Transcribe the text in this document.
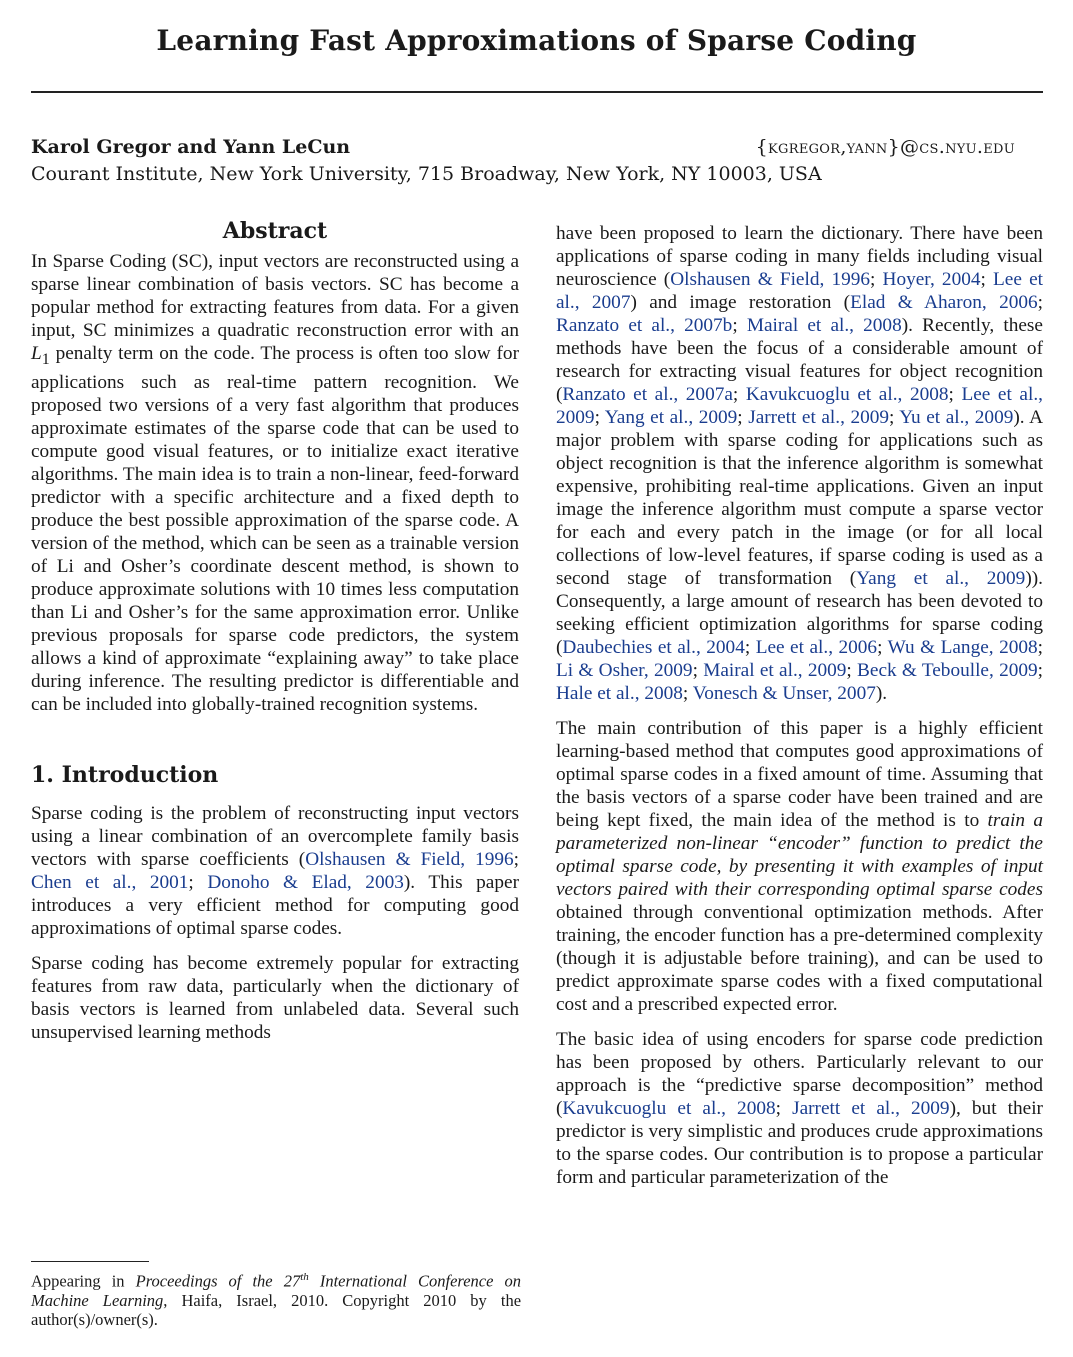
Learning Fast Approximations of Sparse Coding
Karol Gregor and Yann LeCun	{kgregor,yann}@cs.nyu.edu
Courant Institute, New York University, 715 Broadway, New York, NY 10003, USA
Abstract

In Sparse Coding (SC), input vectors are reconstructed using a sparse linear combination of basis vectors. SC has become a popular method for extracting features from data. For a given input, SC minimizes a quadratic reconstruction error with an $L_1$ penalty term on the code. The process is often too slow for applications such as real-time pattern recognition. We proposed two versions of a very fast algorithm that produces approximate estimates of the sparse code that can be used to compute good visual features, or to initialize exact iterative algorithms. The main idea is to train a non-linear, feed-forward predictor with a specific architecture and a fixed depth to produce the best possible approximation of the sparse code. A version of the method, which can be seen as a trainable version of Li and Osher’s coordinate descent method, is shown to produce approximate solutions with 10 times less computation than Li and Osher’s for the same approximation error. Unlike previous proposals for sparse code predictors, the system allows a kind of approximate “explaining away” to take place during inference. The resulting predictor is differentiable and can be included into globally-trained recognition systems.

1. Introduction

Sparse coding is the problem of reconstructing input vectors using a linear combination of an overcomplete family basis vectors with sparse coefficients (Olshausen & Field, 1996; Chen et al., 2001; Donoho & Elad, 2003). This paper introduces a very efficient method for computing good approximations of optimal sparse codes.

Sparse coding has become extremely popular for extracting features from raw data, particularly when the dictionary of basis vectors is learned from unlabeled data. Several such unsupervised learning methods

have been proposed to learn the dictionary. There have been applications of sparse coding in many fields including visual neuroscience (Olshausen & Field, 1996; Hoyer, 2004; Lee et al., 2007) and image restoration (Elad & Aharon, 2006; Ranzato et al., 2007b; Mairal et al., 2008). Recently, these methods have been the focus of a considerable amount of research for extracting visual features for object recognition (Ranzato et al., 2007a; Kavukcuoglu et al., 2008; Lee et al., 2009; Yang et al., 2009; Jarrett et al., 2009; Yu et al., 2009). A major problem with sparse coding for applications such as object recognition is that the inference algorithm is somewhat expensive, prohibiting real-time applications. Given an input image the inference algorithm must compute a sparse vector for each and every patch in the image (or for all local collections of low-level features, if sparse coding is used as a second stage of transformation (Yang et al., 2009)). Consequently, a large amount of research has been devoted to seeking efficient optimization algorithms for sparse coding (Daubechies et al., 2004; Lee et al., 2006; Wu & Lange, 2008; Li & Osher, 2009; Mairal et al., 2009; Beck & Teboulle, 2009; Hale et al., 2008; Vonesch & Unser, 2007).

The main contribution of this paper is a highly efficient learning-based method that computes good approximations of optimal sparse codes in a fixed amount of time. Assuming that the basis vectors of a sparse coder have been trained and are being kept fixed, the main idea of the method is to train a parameterized non-linear “encoder” function to predict the optimal sparse code, by presenting it with examples of input vectors paired with their corresponding optimal sparse codes obtained through conventional optimization methods. After training, the encoder function has a pre-determined complexity (though it is adjustable before training), and can be used to predict approximate sparse codes with a fixed computational cost and a prescribed expected error.

The basic idea of using encoders for sparse code prediction has been proposed by others. Particularly relevant to our approach is the “predictive sparse decomposition” method (Kavukcuoglu et al., 2008; Jarrett et al., 2009), but their predictor is very simplistic and produces crude approximations to the sparse codes. Our contribution is to propose a particular form and particular parameterization of the

Appearing in Proceedings of the 27th International Conference on Machine Learning, Haifa, Israel, 2010. Copyright 2010 by the author(s)/owner(s).
